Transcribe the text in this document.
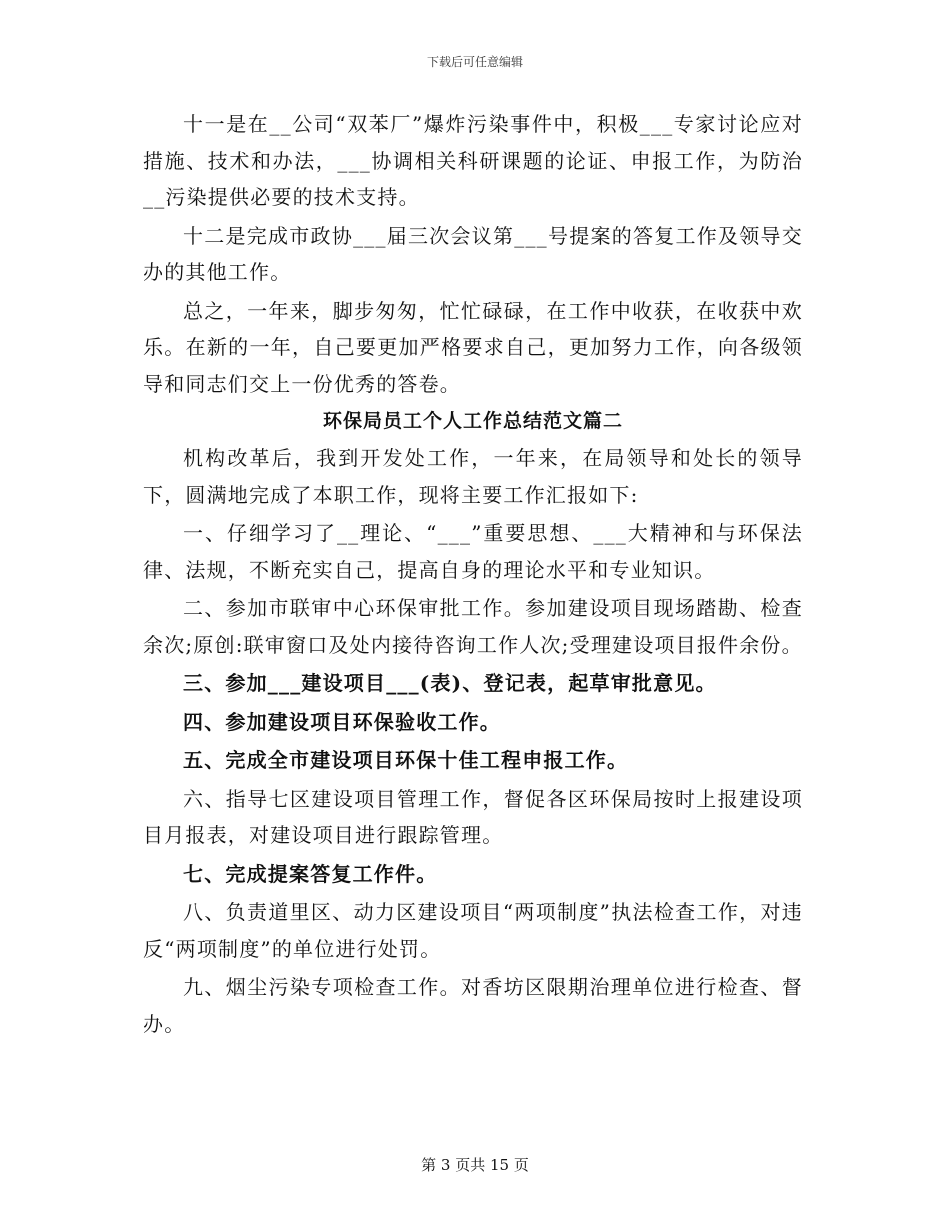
下载后可任意编辑

十一是在__公司“双苯厂”爆炸污染事件中，积极___专家讨论应对措施、技术和办法，___协调相关科研课题的论证、申报工作，为防治__污染提供必要的技术支持。

十二是完成市政协___届三次会议第___号提案的答复工作及领导交办的其他工作。

总之，一年来，脚步匆匆，忙忙碌碌，在工作中收获，在收获中欢乐。在新的一年，自己要更加严格要求自己，更加努力工作，向各级领导和同志们交上一份优秀的答卷。

环保局员工个人工作总结范文篇二

机构改革后，我到开发处工作，一年来，在局领导和处长的领导下，圆满地完成了本职工作，现将主要工作汇报如下:

一、仔细学习了__理论、“___”重要思想、___大精神和与环保法律、法规，不断充实自己，提高自身的理论水平和专业知识。

二、参加市联审中心环保审批工作。参加建设项目现场踏勘、检查余次;原创:联审窗口及处内接待咨询工作人次;受理建设项目报件余份。

三、参加___建设项目___(表)、登记表，起草审批意见。

四、参加建设项目环保验收工作。

五、完成全市建设项目环保十佳工程申报工作。

六、指导七区建设项目管理工作，督促各区环保局按时上报建设项目月报表，对建设项目进行跟踪管理。

七、完成提案答复工作件。

八、负责道里区、动力区建设项目“两项制度”执法检查工作，对违反“两项制度”的单位进行处罚。

九、烟尘污染专项检查工作。对香坊区限期治理单位进行检查、督办。

第 3 页共 15 页
